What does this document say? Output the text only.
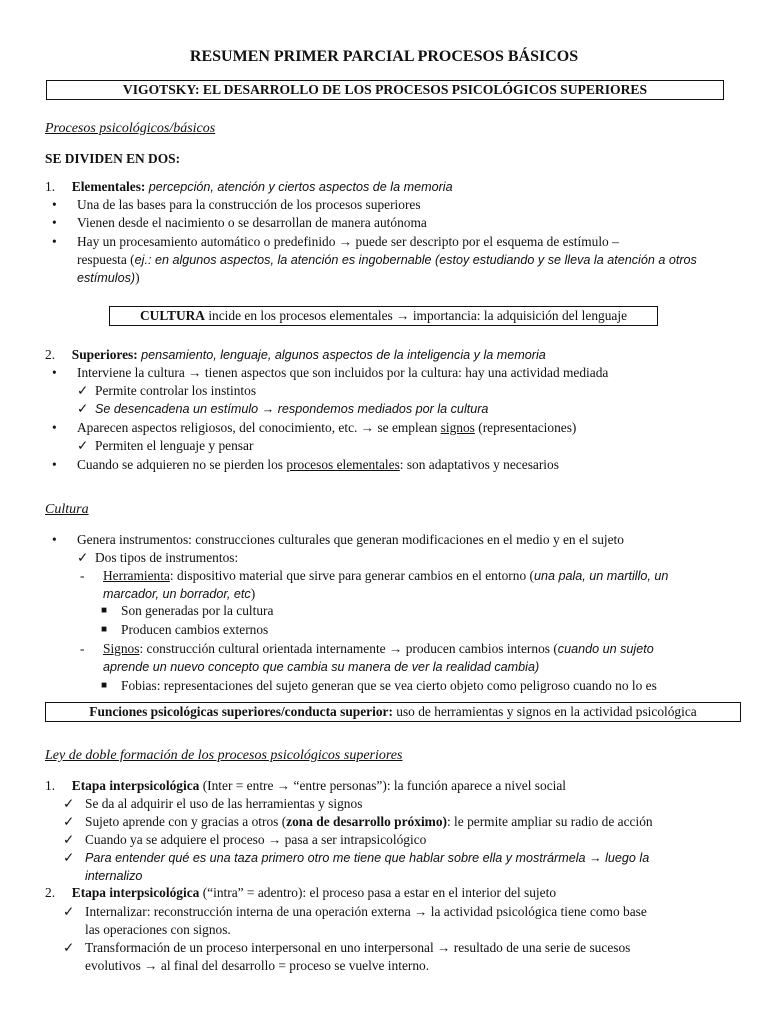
RESUMEN PRIMER PARCIAL PROCESOS BÁSICOS
VIGOTSKY: EL DESARROLLO DE LOS PROCESOS PSICOLÓGICOS SUPERIORES
Procesos psicológicos/básicos
SE DIVIDEN EN DOS:
1. Elementales: percepción, atención y ciertos aspectos de la memoria
• Una de las bases para la construcción de los procesos superiores
• Vienen desde el nacimiento o se desarrollan de manera autónoma
• Hay un procesamiento automático o predefinido → puede ser descripto por el esquema de estímulo –
respuesta (ej.: en algunos aspectos, la atención es ingobernable (estoy estudiando y se lleva la atención a otros
estímulos))
CULTURA incide en los procesos elementales → importancia: la adquisición del lenguaje
2. Superiores: pensamiento, lenguaje, algunos aspectos de la inteligencia y la memoria
• Interviene la cultura → tienen aspectos que son incluidos por la cultura: hay una actividad mediada
✓ Permite controlar los instintos
✓ Se desencadena un estímulo → respondemos mediados por la cultura
• Aparecen aspectos religiosos, del conocimiento, etc. → se emplean signos (representaciones)
✓ Permiten el lenguaje y pensar
• Cuando se adquieren no se pierden los procesos elementales: son adaptativos y necesarios
Cultura
• Genera instrumentos: construcciones culturales que generan modificaciones en el medio y en el sujeto
✓ Dos tipos de instrumentos:
- Herramienta: dispositivo material que sirve para generar cambios en el entorno (una pala, un martillo, un
marcador, un borrador, etc)
■ Son generadas por la cultura
■ Producen cambios externos
- Signos: construcción cultural orientada internamente → producen cambios internos (cuando un sujeto
aprende un nuevo concepto que cambia su manera de ver la realidad cambia)
■ Fobias: representaciones del sujeto generan que se vea cierto objeto como peligroso cuando no lo es
Funciones psicológicas superiores/conducta superior: uso de herramientas y signos en la actividad psicológica
Ley de doble formación de los procesos psicológicos superiores
1. Etapa interpsicológica (Inter = entre → “entre personas”): la función aparece a nivel social
✓ Se da al adquirir el uso de las herramientas y signos
✓ Sujeto aprende con y gracias a otros (zona de desarrollo próximo): le permite ampliar su radio de acción
✓ Cuando ya se adquiere el proceso → pasa a ser intrapsicológico
✓ Para entender qué es una taza primero otro me tiene que hablar sobre ella y mostrármela → luego la
internalizo
2. Etapa interpsicológica (“intra” = adentro): el proceso pasa a estar en el interior del sujeto
✓ Internalizar: reconstrucción interna de una operación externa → la actividad psicológica tiene como base
las operaciones con signos.
✓ Transformación de un proceso interpersonal en uno interpersonal → resultado de una serie de sucesos
evolutivos → al final del desarrollo = proceso se vuelve interno.
